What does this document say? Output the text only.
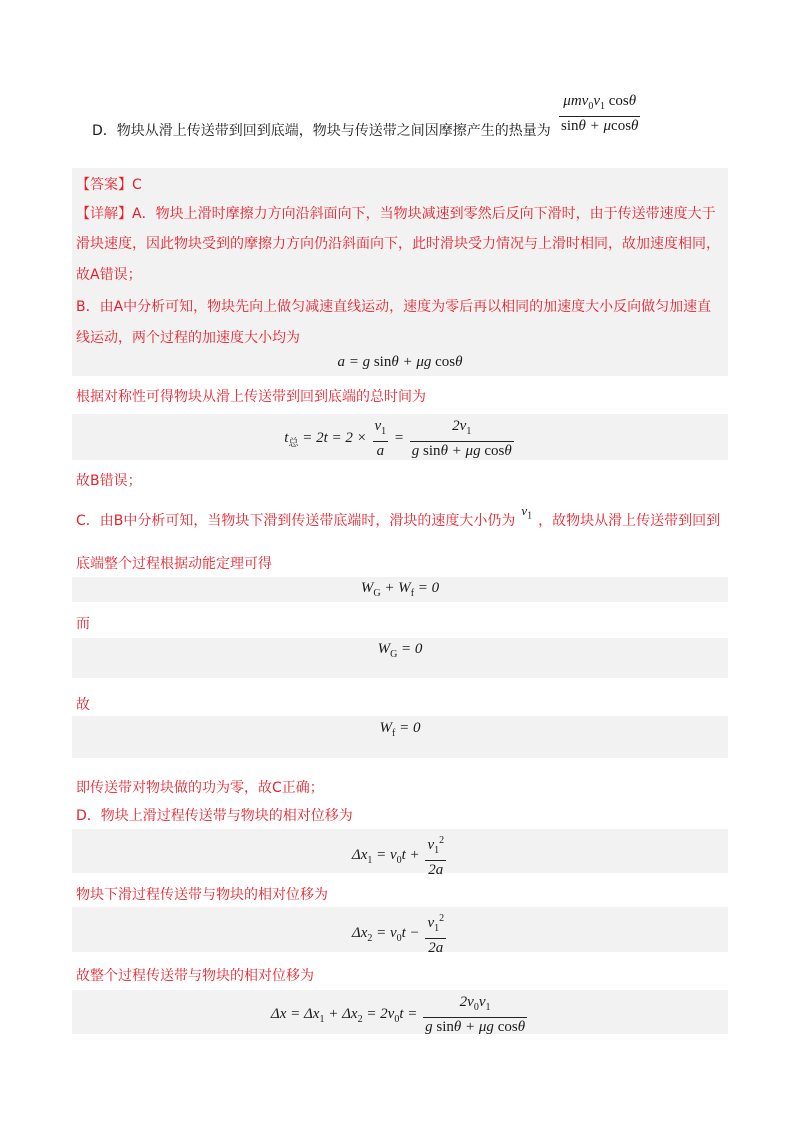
$\frac{\mu mv_0v_1 \cos\theta}{\sin\theta + \mu\cos\theta}$
D．物块从滑上传送带到回到底端，物块与传送带之间因摩擦产生的热量为
【答案】C
【详解】A．物块上滑时摩擦力方向沿斜面向下，当物块减速到零然后反向下滑时，由于传送带速度大于
滑块速度，因此物块受到的摩擦力方向仍沿斜面向下，此时滑块受力情况与上滑时相同，故加速度相同，
故A错误；
B．由A中分析可知，物块先向上做匀减速直线运动，速度为零后再以相同的加速度大小反向做匀加速直
线运动，两个过程的加速度大小均为
a = g sinθ + μg cosθ
根据对称性可得物块从滑上传送带到回到底端的总时间为
$t_总 = 2t = 2 \times \frac{v_1}{a} = \frac{2v_1}{\text{g sinθ + μg cosθ}}$
故B错误；
C．由B中分析可知，当物块下滑到传送带底端时，滑块的速度大小仍为$v_1$ ，故物块从滑上传送带到回到
底端整个过程根据动能定理可得
$W_G + W_f = 0$
而
$W_G = 0$
故
$W_f = 0$
即传送带对物块做的功为零，故C正确；
D．物块上滑过程传送带与物块的相对位移为
$\Delta x_1 = v_0t + \frac{v_1^2}{2a}$
物块下滑过程传送带与物块的相对位移为
$\Delta x_2 = v_0t - \frac{v_1^2}{2a}$
故整个过程传送带与物块的相对位移为
$\Delta x = \Delta x_1 + \Delta x_2 = 2v_0t = \frac{2v_0v_1}{\text{g sinθ + μg cosθ}}$
